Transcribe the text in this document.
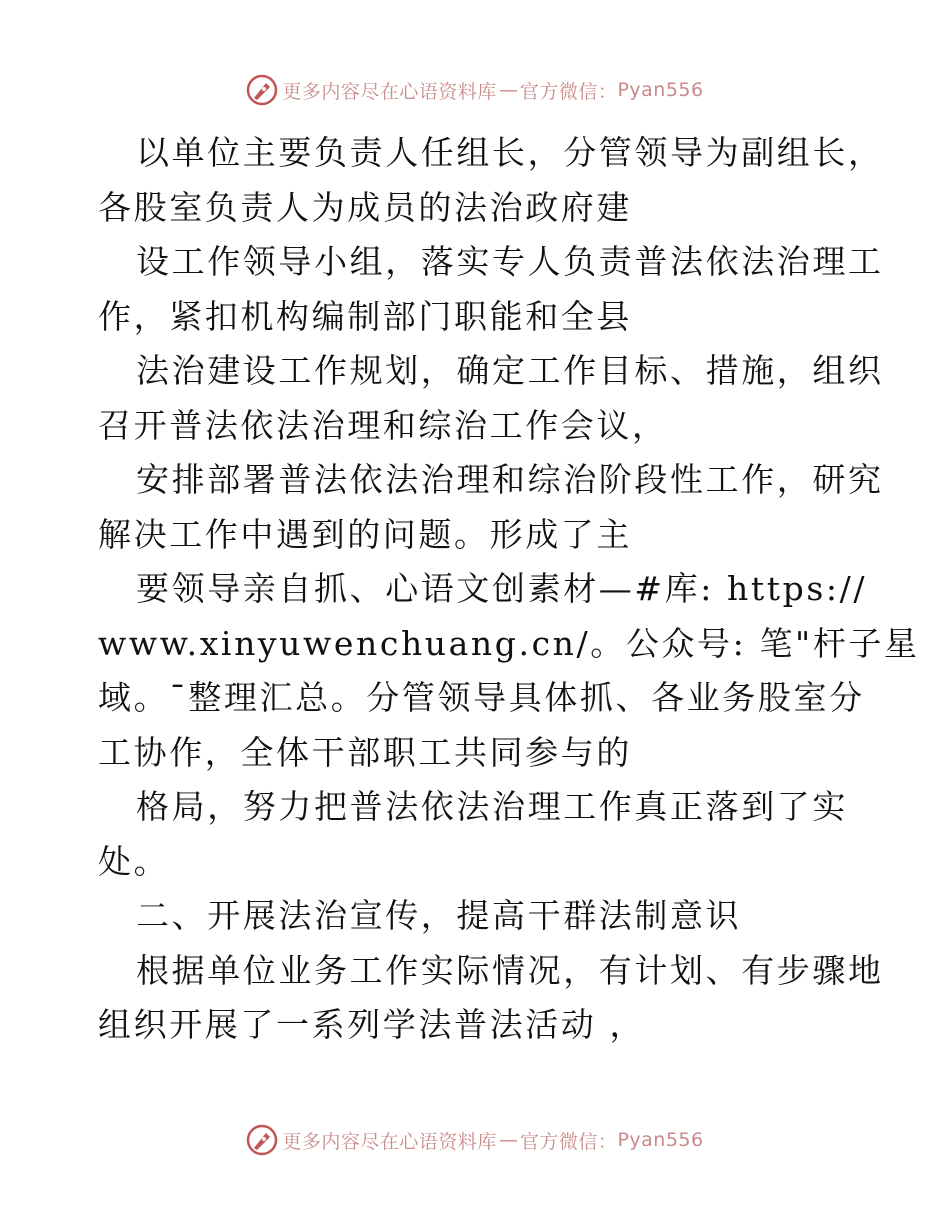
更多内容尽在心语资料库 — 官方微信： Pyan556
以单位主要负责人任组长，分管领导为副组长，
各股室负责人为成员的法治政府建
设工作领导小组，落实专人负责普法依法治理工
作，紧扣机构编制部门职能和全县
法治建设工作规划，确定工作目标、措施，组织
召开普法依法治理和综治工作会议，
安排部署普法依法治理和综治阶段性工作，研究
解决工作中遇到的问题。形成了主
要领导亲自抓、心语文创素材—#库: https://
www.xinyuwenchuang.cn/。公众号: 笔"杆子星
域。¯整理汇总。分管领导具体抓、各业务股室分
工协作，全体干部职工共同参与的
格局，努力把普法依法治理工作真正落到了实
处。
二、开展法治宣传，提高干群法制意识
根据单位业务工作实际情况，有计划、有步骤地
组织开展了一系列学法普法活动 ，
更多内容尽在心语资料库 — 官方微信： Pyan556
